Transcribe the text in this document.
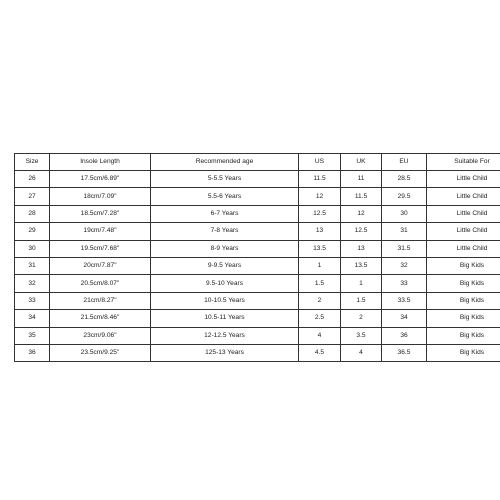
Size	Insole Length	Recommended age	US	UK	EU	Suitable For
26	17.5cm/6.89"	5-5.5 Years	11.5	11	28.5	Little Child
27	18cm/7.09"	5.5-6 Years	12	11.5	29.5	Little Child
28	18.5cm/7.28"	6-7 Years	12.5	12	30	Little Child
29	19cm/7.48"	7-8 Years	13	12.5	31	Little Child
30	19.5cm/7.68"	8-9 Years	13.5	13	31.5	Little Child
31	20cm/7.87"	9-9.5 Years	1	13.5	32	Big Kids
32	20.5cm/8.07"	9.5-10 Years	1.5	1	33	Big Kids
33	21cm/8.27"	10-10.5 Years	2	1.5	33.5	Big Kids
34	21.5cm/8.46"	10.5-11 Years	2.5	2	34	Big Kids
35	23cm/9.06"	12-12.5 Years	4	3.5	36	Big Kids
36	23.5cm/9.25"	125-13 Years	4.5	4	36.5	Big Kids
